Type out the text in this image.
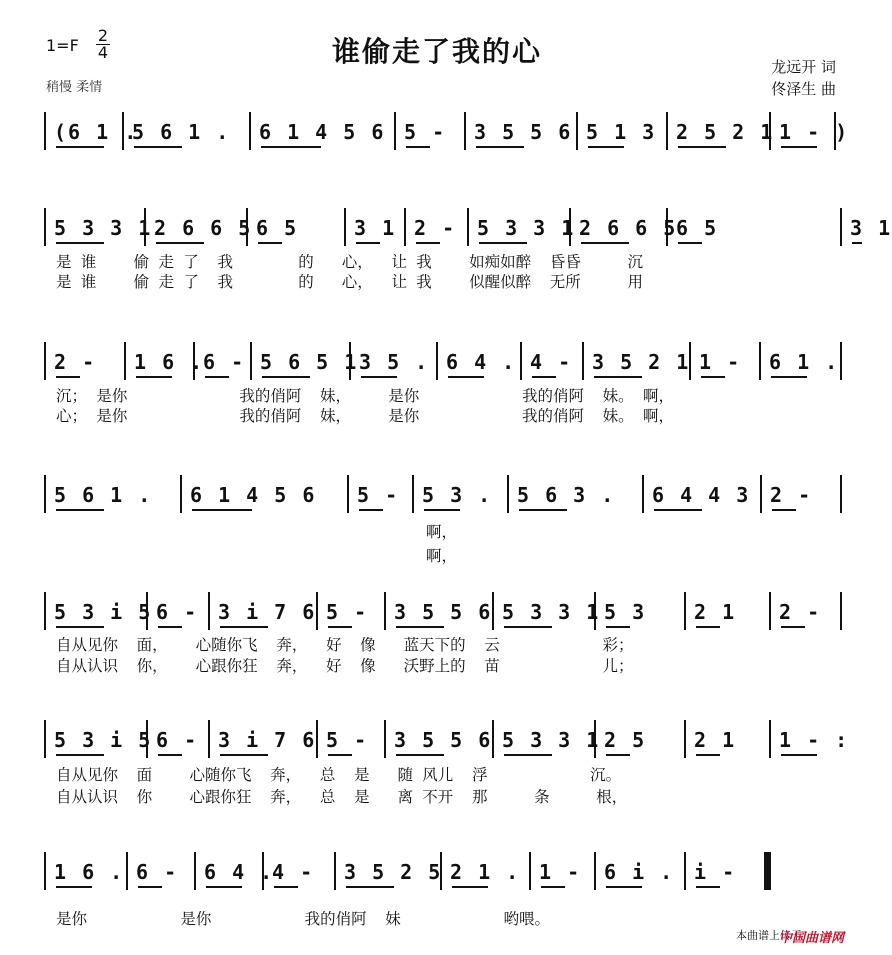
谁偷走了我的心
$1=F \frac{2}{4}$
稍慢 柔情
龙远开 词
佟泽生 曲
(6 1 .
5 6 1 . 6 1 4 5 6 5 - 3 5 5 6 5 1 3 2 5 2 1 1 - )
5 3 3 1 2 6 6 5 6 5	3 1 2 - 5 3 3 1 2 6 6 5
6 5	3 1
是 谁    偷 走 了  我       的   心，  让 我    如痴如醉  昏昏     沉
是 谁    偷 走 了  我       的   心，  让 我    似醒似醉  无所     用
2 - 1 6 .
6 - 5 6 5 1 3 5 . 6 4 . 4 - 3 5 2 1 1 - 6 1 .
沉； 是你            我的俏阿  妹，    是你           我的俏阿  妹。 啊，
心； 是你            我的俏阿  妹，    是你           我的俏阿  妹。 啊，
5 6 1 . 6 1 4 5 6 5 - 5 3 . 5 6 3 . 6 4 4 3 2 -
啊，
啊，
5 3 i 5 6 - 3 i 7 6 5 - 3 5 5 6 5 3 3 1 5 3 2 1 2 -
自从见你  面，   心随你飞  奔，  好  像   蓝天下的  云           彩；
自从认识  你，   心跟你狂  奔，  好  像   沃野上的  苗           儿；
5 3 i 5 6 - 3 i 7 6 5 - 3 5 5 6 5 3 3 1 2 5 2 1 1 - :
自从见你  面    心随你飞  奔，  总  是   随 风儿  浮           沉。
自从认识  你    心跟你狂  奔，  总  是   离 不开  那     条     根，
1 6 . 6 - 6 4 .
4 - 3 5 2 5 2 1 . 1 - 6 i . i -
是你          是你          我的俏阿  妹           哟喂。
本曲谱上传于
中国曲谱网
